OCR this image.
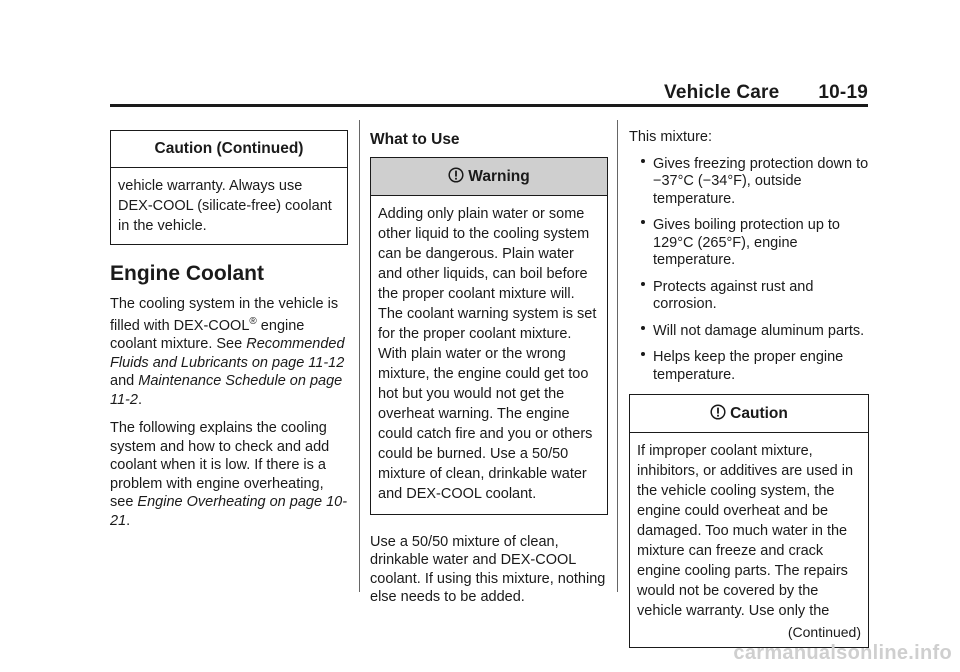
Vehicle Care 10-19
Caution (Continued)
vehicle warranty. Always use DEX-COOL (silicate-free) coolant in the vehicle.
Engine Coolant

The cooling system in the vehicle is filled with DEX-COOL® engine coolant mixture. See Recommended Fluids and Lubricants on page 11-12 and Maintenance Schedule on page 11-2.

The following explains the cooling system and how to check and add coolant when it is low. If there is a problem with engine overheating, see Engine Overheating on page 10-21.

What to Use
Warning
Adding only plain water or some other liquid to the cooling system can be dangerous. Plain water and other liquids, can boil before the proper coolant mixture will. The coolant warning system is set for the proper coolant mixture. With plain water or the wrong mixture, the engine could get too hot but you would not get the overheat warning. The engine could catch fire and you or others could be burned. Use a 50/50 mixture of clean, drinkable water and DEX-COOL coolant.

Use a 50/50 mixture of clean, drinkable water and DEX-COOL coolant. If using this mixture, nothing else needs to be added.

This mixture:

Gives freezing protection down to −37°C (−34°F), outside temperature.
Gives boiling protection up to 129°C (265°F), engine temperature.
Protects against rust and corrosion.
Will not damage aluminum parts.
Helps keep the proper engine temperature.
Caution
If improper coolant mixture, inhibitors, or additives are used in the vehicle cooling system, the engine could overheat and be damaged. Too much water in the mixture can freeze and crack engine cooling parts. The repairs would not be covered by the vehicle warranty. Use only the
(Continued)
carmanualsonline.info
